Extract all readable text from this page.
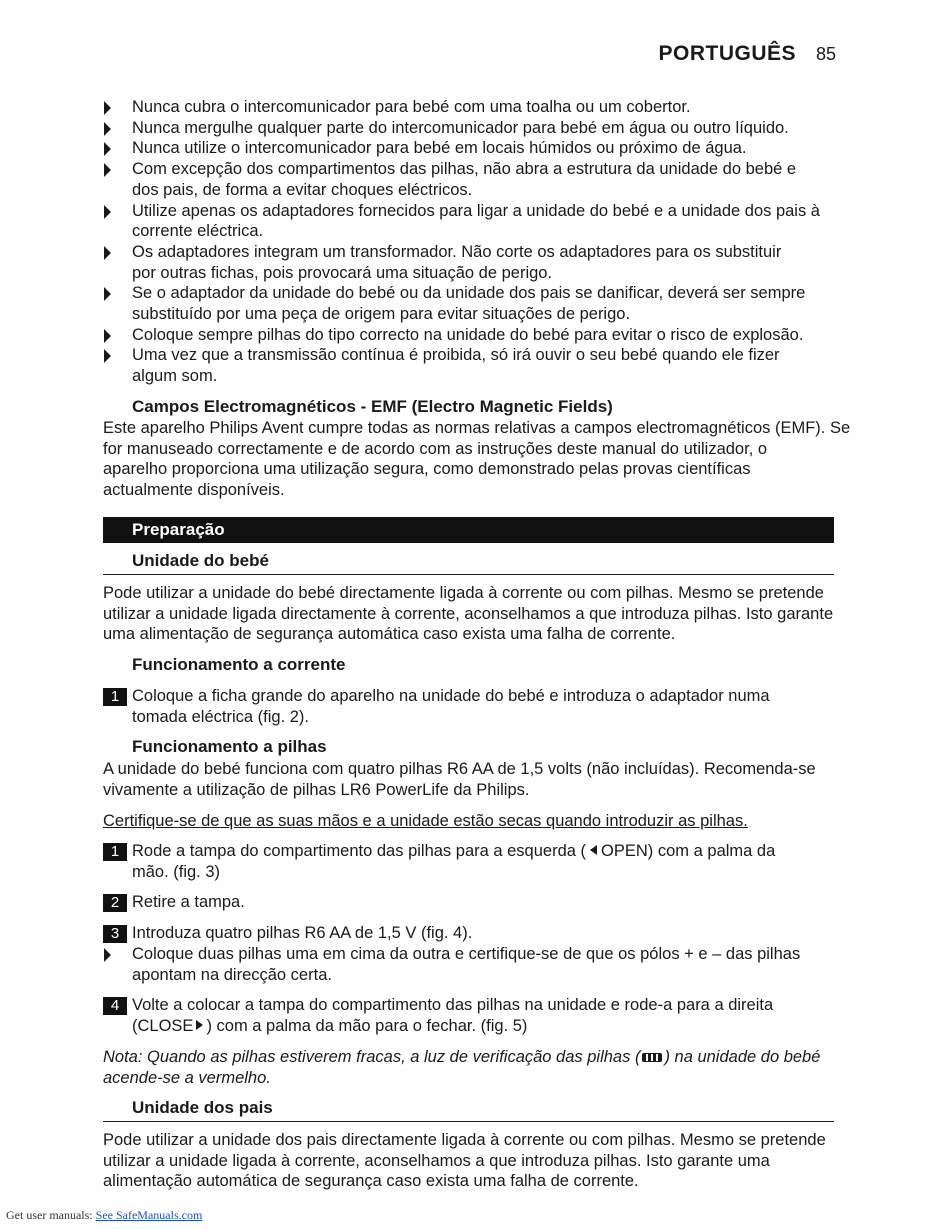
PORTUGUÊS 85
Nunca cubra o intercomunicador para bebé com uma toalha ou um cobertor.
Nunca mergulhe qualquer parte do intercomunicador para bebé em água ou outro líquido.
Nunca utilize o intercomunicador para bebé em locais húmidos ou próximo de água.
Com excepção dos compartimentos das pilhas, não abra a estrutura da unidade do bebé e
dos pais, de forma a evitar choques eléctricos.
Utilize apenas os adaptadores fornecidos para ligar a unidade do bebé e a unidade dos pais à
corrente eléctrica.
Os adaptadores integram um transformador. Não corte os adaptadores para os substituir
por outras fichas, pois provocará uma situação de perigo.
Se o adaptador da unidade do bebé ou da unidade dos pais se danificar, deverá ser sempre
substituído por uma peça de origem para evitar situações de perigo.
Coloque sempre pilhas do tipo correcto na unidade do bebé para evitar o risco de explosão.
Uma vez que a transmissão contínua é proibida, só irá ouvir o seu bebé quando ele fizer
algum som.
Campos Electromagnéticos - EMF (Electro Magnetic Fields)
Este aparelho Philips Avent cumpre todas as normas relativas a campos electromagnéticos (EMF). Se
for manuseado correctamente e de acordo com as instruções deste manual do utilizador, o
aparelho proporciona uma utilização segura, como demonstrado pelas provas científicas
actualmente disponíveis.
Preparação
Unidade do bebé
Pode utilizar a unidade do bebé directamente ligada à corrente ou com pilhas. Mesmo se pretende
utilizar a unidade ligada directamente à corrente, aconselhamos a que introduza pilhas. Isto garante
uma alimentação de segurança automática caso exista uma falha de corrente.
Funcionamento a corrente
1 Coloque a ficha grande do aparelho na unidade do bebé e introduza o adaptador numa
tomada eléctrica (fig. 2).
Funcionamento a pilhas
A unidade do bebé funciona com quatro pilhas R6 AA de 1,5 volts (não incluídas). Recomenda-se
vivamente a utilização de pilhas LR6 PowerLife da Philips.
Certifique-se de que as suas mãos e a unidade estão secas quando introduzir as pilhas.
1 Rode a tampa do compartimento das pilhas para a esquerda ( OPEN) com a palma da
mão. (fig. 3)
2 Retire a tampa.
3 Introduza quatro pilhas R6 AA de 1,5 V (fig. 4).
Coloque duas pilhas uma em cima da outra e certifique-se de que os pólos + e – das pilhas
apontam na direcção certa.
4 Volte a colocar a tampa do compartimento das pilhas na unidade e rode-a para a direita
(CLOSE ) com a palma da mão para o fechar. (fig. 5)
Nota: Quando as pilhas estiverem fracas, a luz de verificação das pilhas ( ) na unidade do bebé
acende-se a vermelho.
Unidade dos pais
Pode utilizar a unidade dos pais directamente ligada à corrente ou com pilhas. Mesmo se pretende
utilizar a unidade ligada à corrente, aconselhamos a que introduza pilhas. Isto garante uma
alimentação automática de segurança caso exista uma falha de corrente.
Get user manuals: See SafeManuals.com
